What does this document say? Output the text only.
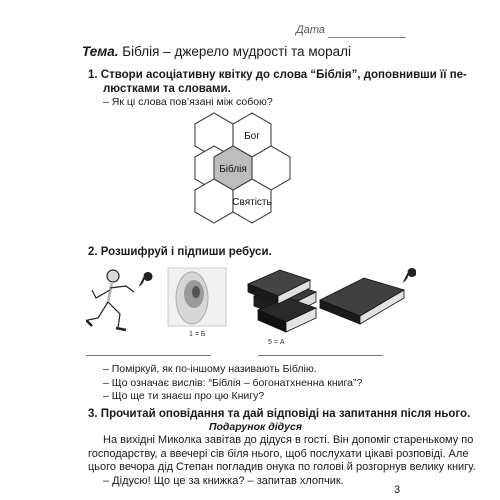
Дата
Тема. Біблія – джерело мудрості та моралі
1. Створи асоціативну квітку до слова “Біблія”, доповнивши її пе-
люстками та словами.
– Як ці слова пов’язані між собою?
Бог
Біблія
Святість
2. Розшифруй і підпиши ребуси.
1 = Б
5 = А
– Поміркуй, як по-іншому називають Біблію.
– Що означає вислів: “Біблія – богонатхненна книга”?
– Що ще ти знаєш про цю Книгу?
3. Прочитай оповідання та дай відповіді на запитання після нього.
Подарунок дідуся
На вихідні Миколка завітав до дідуся в гості. Він допоміг старенькому по
господарству, а ввечері сів біля нього, щоб послухати цікаві розповіді. Але
цього вечора дід Степан погладив онука по голові й розгорнув велику книгу.
– Дідусю! Що це за книжка? – запитав хлопчик.
3
